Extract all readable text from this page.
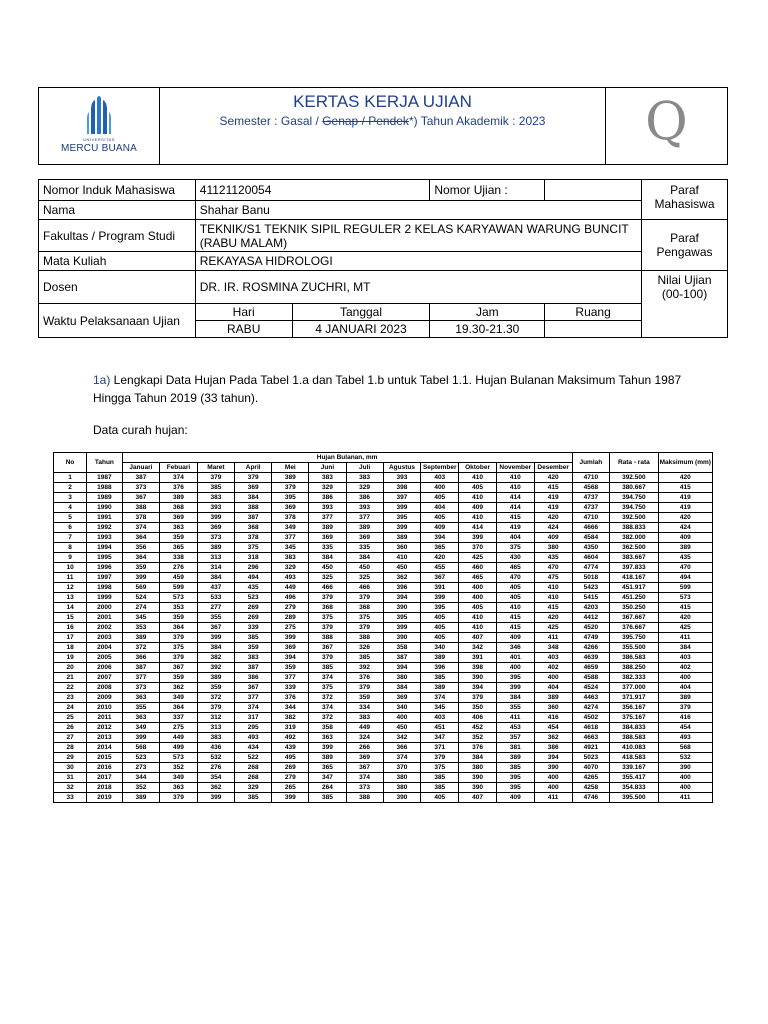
UNIVERSITAS
MERCU BUANA
KERTAS KERJA UJIAN
Semester : Gasal / Genap / Pendek*) Tahun Akademik : 2023	Q
Nomor Induk Mahasiswa	41121120054		Nomor Ujian :		Paraf Mahasiswa
Nama	Shahar Banu				
Fakultas / Program Studi	TEKNIK/S1 TEKNIK SIPIL REGULER 2 KELAS KARYAWAN WARUNG BUNCIT (RABU MALAM)				Paraf Pengawas
Mata Kuliah	REKAYASA HIDROLOGI				
Dosen	DR. IR. ROSMINA ZUCHRI, MT				Nilai Ujian (00-100)
Waktu Pelaksanaan Ujian	Hari	Tanggal	Jam	Ruang	
	RABU	4 JANUARI 2023	19.30-21.30		
1a) Lengkapi Data Hujan Pada Tabel 1.a dan Tabel 1.b untuk Tabel 1.1. Hujan Bulanan Maksimum Tahun 1987 Hingga Tahun 2019 (33 tahun).
Data curah hujan:
No	Tahun	Hujan Bulanan, mm												Jumlah	Rata - rata	Maksimum (mm)
		Januari	Febuari	Maret	April	Mei	Juni	Juli	Agustus	September	Oktober	November	Desember			
1	1987	387	374	379	379	389	383	383	393	403	410	410	420	4710	392.500	420
2	1988	373	376	385	369	379	329	329	398	400	405	410	415	4568	380.667	415
3	1989	367	389	383	384	395	386	386	397	405	410	414	419	4737	394.750	419
4	1990	388	368	393	388	369	393	393	399	404	409	414	419	4737	394.750	419
5	1991	378	369	399	387	378	377	377	395	405	410	415	420	4710	392.500	420
6	1992	374	363	369	368	349	389	389	399	409	414	419	424	4666	388.833	424
7	1993	364	359	373	378	377	369	369	389	394	399	404	409	4584	382.000	409
8	1994	356	365	389	375	345	335	335	360	365	370	375	380	4350	362.500	389
9	1995	364	338	313	318	383	384	384	410	420	425	430	435	4604	383.667	435
10	1996	359	276	314	296	329	450	450	450	455	460	465	470	4774	397.833	470
11	1997	399	459	384	494	493	325	325	362	367	465	470	475	5018	418.167	494
12	1998	569	599	437	435	449	466	466	396	391	400	405	410	5423	451.917	599
13	1999	524	573	533	523	496	379	379	394	399	400	405	410	5415	451.250	573
14	2000	274	353	277	269	279	368	368	390	395	405	410	415	4203	350.250	415
15	2001	345	359	355	269	289	375	375	395	405	410	415	420	4412	367.667	420
16	2002	353	364	367	339	275	379	379	399	405	410	415	425	4520	376.667	425
17	2003	389	379	399	385	399	388	388	390	405	407	409	411	4749	395.750	411
18	2004	372	375	384	359	369	367	326	358	340	342	346	348	4266	355.500	384
19	2005	366	379	382	383	394	379	385	387	389	391	401	403	4639	386.583	403
20	2006	387	367	392	387	359	385	392	394	396	398	400	402	4659	388.250	402
21	2007	377	359	389	386	377	374	376	380	385	390	395	400	4588	382.333	400
22	2008	373	362	359	367	339	375	379	384	389	394	399	404	4524	377.000	404
23	2009	363	349	372	377	376	372	359	369	374	379	384	389	4463	371.917	389
24	2010	355	364	379	374	344	374	334	340	345	350	355	360	4274	356.167	379
25	2011	363	337	312	317	382	372	383	400	403	406	411	416	4502	375.167	416
26	2012	349	275	313	295	319	358	449	450	451	452	453	454	4618	384.833	454
27	2013	399	449	383	493	492	363	324	342	347	352	357	362	4663	388.583	493
28	2014	568	499	436	434	439	399	266	366	371	376	381	386	4921	410.083	568
29	2015	523	573	532	522	495	389	369	374	379	384	389	394	5023	418.583	532
30	2016	273	352	276	268	269	365	367	370	375	380	385	390	4070	339.167	390
31	2017	344	349	354	268	279	347	374	380	385	390	395	400	4265	355.417	400
32	2018	352	363	362	329	265	264	373	380	385	390	395	400	4258	354.833	400
33	2019	389	379	399	385	399	385	388	390	405	407	409	411	4746	395.500	411
